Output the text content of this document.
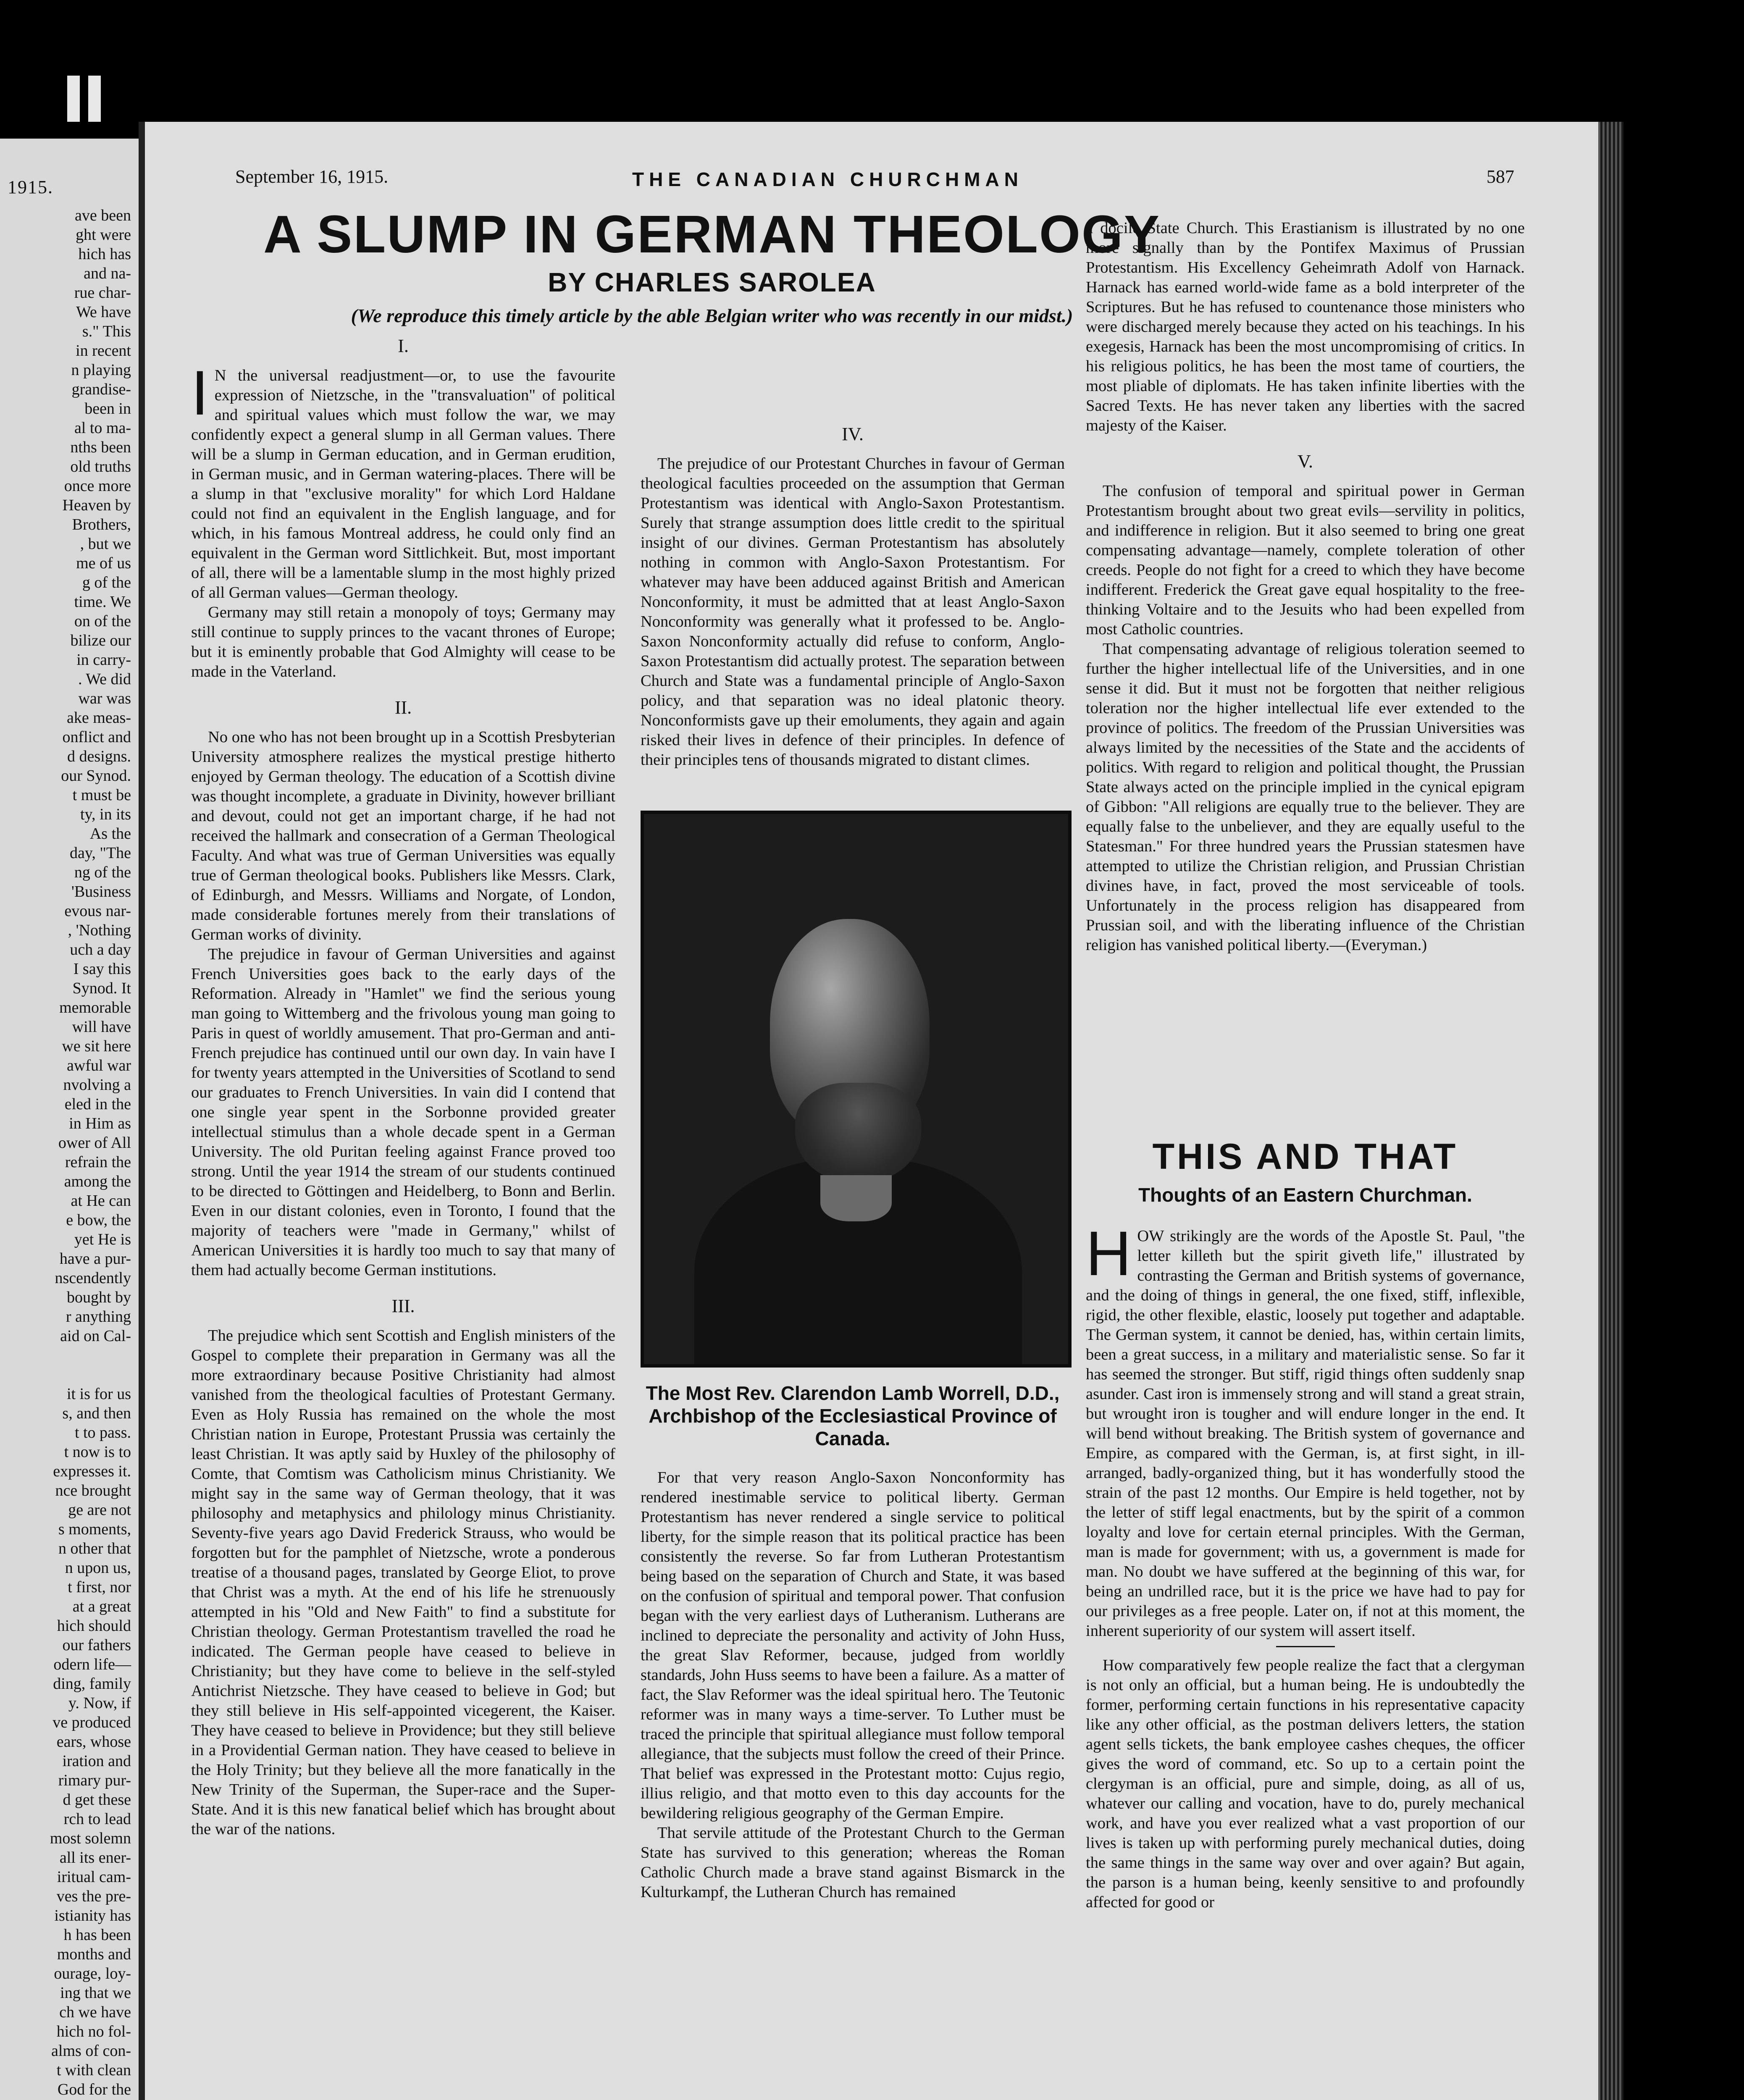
1915.
ave been
ght were
hich has
and na-
rue char-
We have
s." This
in recent
n playing
grandise-
been in
al to ma-
nths been
old truths
once more
Heaven by
Brothers,
, but we
me of us
g of the
time. We
on of the
bilize our
in carry-
. We did
war was
ake meas-
onflict and
d designs.
our Synod.
t must be
ty, in its
As the
day, "The
ng of the
'Business
evous nar-
, 'Nothing
uch a day
I say this
Synod. It
memorable
will have
we sit here
awful war
nvolving a
eled in the
in Him as
ower of All
refrain the
among the
at He can
e bow, the
yet He is
have a pur-
nscendently
bought by
r anything
aid on Cal-
it is for us
s, and then
t to pass.
t now is to
expresses it.
nce brought
ge are not
s moments,
n other that
n upon us,
t first, nor
at a great
hich should
our fathers
odern life—
ding, family
y. Now, if
ve produced
ears, whose
iration and
rimary pur-
d get these
rch to lead
most solemn
all its ener-
iritual cam-
ves the pre-
istianity has
h has been
months and
ourage, loy-
ing that we
ch we have
hich no fol-
alms of con-
t with clean
God for the
September 16, 1915.	THE CANADIAN CHURCHMAN	587
A SLUMP IN GERMAN THEOLOGY
BY CHARLES SAROLEA
(We reproduce this timely article by the able Belgian writer who was recently in our midst.)
I.
I N the universal readjustment—or, to use the favourite expression of Nietzsche, in the "transvaluation" of political and spiritual values which must follow the war, we may confidently expect a general slump in all German values. There will be a slump in German education, and in German erudition, in German music, and in German watering-places. There will be a slump in that "exclusive morality" for which Lord Haldane could not find an equivalent in the English language, and for which, in his famous Montreal address, he could only find an equivalent in the German word Sittlichkeit. But, most important of all, there will be a lamentable slump in the most highly prized of all German values—German theology.

Germany may still retain a monopoly of toys; Germany may still continue to supply princes to the vacant thrones of Europe; but it is eminently probable that God Almighty will cease to be made in the Vaterland.

II.

No one who has not been brought up in a Scottish Presbyterian University atmosphere realizes the mystical prestige hitherto enjoyed by German theology. The education of a Scottish divine was thought incomplete, a graduate in Divinity, however brilliant and devout, could not get an important charge, if he had not received the hallmark and consecration of a German Theological Faculty. And what was true of German Universities was equally true of German theological books. Publishers like Messrs. Clark, of Edinburgh, and Messrs. Williams and Norgate, of London, made considerable fortunes merely from their translations of German works of divinity.

The prejudice in favour of German Universities and against French Universities goes back to the early days of the Reformation. Already in "Hamlet" we find the serious young man going to Wittemberg and the frivolous young man going to Paris in quest of worldly amusement. That pro-German and anti-French prejudice has continued until our own day. In vain have I for twenty years attempted in the Universities of Scotland to send our graduates to French Universities. In vain did I contend that one single year spent in the Sorbonne provided greater intellectual stimulus than a whole decade spent in a German University. The old Puritan feeling against France proved too strong. Until the year 1914 the stream of our students continued to be directed to Göttingen and Heidelberg, to Bonn and Berlin. Even in our distant colonies, even in Toronto, I found that the majority of teachers were "made in Germany," whilst of American Universities it is hardly too much to say that many of them had actually become German institutions.

III.

The prejudice which sent Scottish and English ministers of the Gospel to complete their preparation in Germany was all the more extraordinary because Positive Christianity had almost vanished from the theological faculties of Protestant Germany. Even as Holy Russia has remained on the whole the most Christian nation in Europe, Protestant Prussia was certainly the least Christian. It was aptly said by Huxley of the philosophy of Comte, that Comtism was Catholicism minus Christianity. We might say in the same way of German theology, that it was philosophy and metaphysics and philology minus Christianity. Seventy-five years ago David Frederick Strauss, who would be forgotten but for the pamphlet of Nietzsche, wrote a ponderous treatise of a thousand pages, translated by George Eliot, to prove that Christ was a myth. At the end of his life he strenuously attempted in his "Old and New Faith" to find a substitute for Christian theology. German Protestantism travelled the road he indicated. The German people have ceased to believe in Christianity; but they have come to believe in the self-styled Antichrist Nietzsche. They have ceased to believe in God; but they still believe in His self-appointed vicegerent, the Kaiser. They have ceased to believe in Providence; but they still believe in a Providential German nation. They have ceased to believe in the Holy Trinity; but they believe all the more fanatically in the New Trinity of the Superman, the Super-race and the Super-State. And it is this new fanatical belief which has brought about the war of the nations.

IV.

The prejudice of our Protestant Churches in favour of German theological faculties proceeded on the assumption that German Protestantism was identical with Anglo-Saxon Protestantism. Surely that strange assumption does little credit to the spiritual insight of our divines. German Protestantism has absolutely nothing in common with Anglo-Saxon Protestantism. For whatever may have been adduced against British and American Nonconformity, it must be admitted that at least Anglo-Saxon Nonconformity was generally what it professed to be. Anglo-Saxon Nonconformity actually did refuse to conform, Anglo-Saxon Protestantism did actually protest. The separation between Church and State was a fundamental principle of Anglo-Saxon policy, and that separation was no ideal platonic theory. Nonconformists gave up their emoluments, they again and again risked their lives in defence of their principles. In defence of their principles tens of thousands migrated to distant climes.

The Most Rev. Clarendon Lamb Worrell, D.D., Archbishop of the Ecclesiastical Province of Canada.

For that very reason Anglo-Saxon Nonconformity has rendered inestimable service to political liberty. German Protestantism has never rendered a single service to political liberty, for the simple reason that its political practice has been consistently the reverse. So far from Lutheran Protestantism being based on the separation of Church and State, it was based on the confusion of spiritual and temporal power. That confusion began with the very earliest days of Lutheranism. Lutherans are inclined to depreciate the personality and activity of John Huss, the great Slav Reformer, because, judged from worldly standards, John Huss seems to have been a failure. As a matter of fact, the Slav Reformer was the ideal spiritual hero. The Teutonic reformer was in many ways a time-server. To Luther must be traced the principle that spiritual allegiance must follow temporal allegiance, that the subjects must follow the creed of their Prince. That belief was expressed in the Protestant motto: Cujus regio, illius religio, and that motto even to this day accounts for the bewildering religious geography of the German Empire.

That servile attitude of the Protestant Church to the German State has survived to this generation; whereas the Roman Catholic Church made a brave stand against Bismarck in the Kulturkampf, the Lutheran Church has remained

a docile State Church. This Erastianism is illustrated by no one more signally than by the Pontifex Maximus of Prussian Protestantism. His Excellency Geheimrath Adolf von Harnack. Harnack has earned world-wide fame as a bold interpreter of the Scriptures. But he has refused to countenance those ministers who were discharged merely because they acted on his teachings. In his exegesis, Harnack has been the most uncompromising of critics. In his religious politics, he has been the most tame of courtiers, the most pliable of diplomats. He has taken infinite liberties with the Sacred Texts. He has never taken any liberties with the sacred majesty of the Kaiser.

V.

The confusion of temporal and spiritual power in German Protestantism brought about two great evils—servility in politics, and indifference in religion. But it also seemed to bring one great compensating advantage—namely, complete toleration of other creeds. People do not fight for a creed to which they have become indifferent. Frederick the Great gave equal hospitality to the free-thinking Voltaire and to the Jesuits who had been expelled from most Catholic countries.

That compensating advantage of religious toleration seemed to further the higher intellectual life of the Universities, and in one sense it did. But it must not be forgotten that neither religious toleration nor the higher intellectual life ever extended to the province of politics. The freedom of the Prussian Universities was always limited by the necessities of the State and the accidents of politics. With regard to religion and political thought, the Prussian State always acted on the principle implied in the cynical epigram of Gibbon: "All religions are equally true to the believer. They are equally false to the unbeliever, and they are equally useful to the Statesman." For three hundred years the Prussian statesmen have attempted to utilize the Christian religion, and Prussian Christian divines have, in fact, proved the most serviceable of tools. Unfortunately in the process religion has disappeared from Prussian soil, and with the liberating influence of the Christian religion has vanished political liberty.—(Everyman.)

THIS AND THAT
Thoughts of an Eastern Churchman.
H OW strikingly are the words of the Apostle St. Paul, "the letter killeth but the spirit giveth life," illustrated by contrasting the German and British systems of governance, and the doing of things in general, the one fixed, stiff, inflexible, rigid, the other flexible, elastic, loosely put together and adaptable. The German system, it cannot be denied, has, within certain limits, been a great success, in a military and materialistic sense. So far it has seemed the stronger. But stiff, rigid things often suddenly snap asunder. Cast iron is immensely strong and will stand a great strain, but wrought iron is tougher and will endure longer in the end. It will bend without breaking. The British system of governance and Empire, as compared with the German, is, at first sight, in ill-arranged, badly-organized thing, but it has wonderfully stood the strain of the past 12 months. Our Empire is held together, not by the letter of stiff legal enactments, but by the spirit of a common loyalty and love for certain eternal principles. With the German, man is made for government; with us, a government is made for man. No doubt we have suffered at the beginning of this war, for being an undrilled race, but it is the price we have had to pay for our privileges as a free people. Later on, if not at this moment, the inherent superiority of our system will assert itself.

How comparatively few people realize the fact that a clergyman is not only an official, but a human being. He is undoubtedly the former, performing certain functions in his representative capacity like any other official, as the postman delivers letters, the station agent sells tickets, the bank employee cashes cheques, the officer gives the word of command, etc. So up to a certain point the clergyman is an official, pure and simple, doing, as all of us, whatever our calling and vocation, have to do, purely mechanical work, and have you ever realized what a vast proportion of our lives is taken up with performing purely mechanical duties, doing the same things in the same way over and over again? But again, the parson is a human being, keenly sensitive to and profoundly affected for good or
